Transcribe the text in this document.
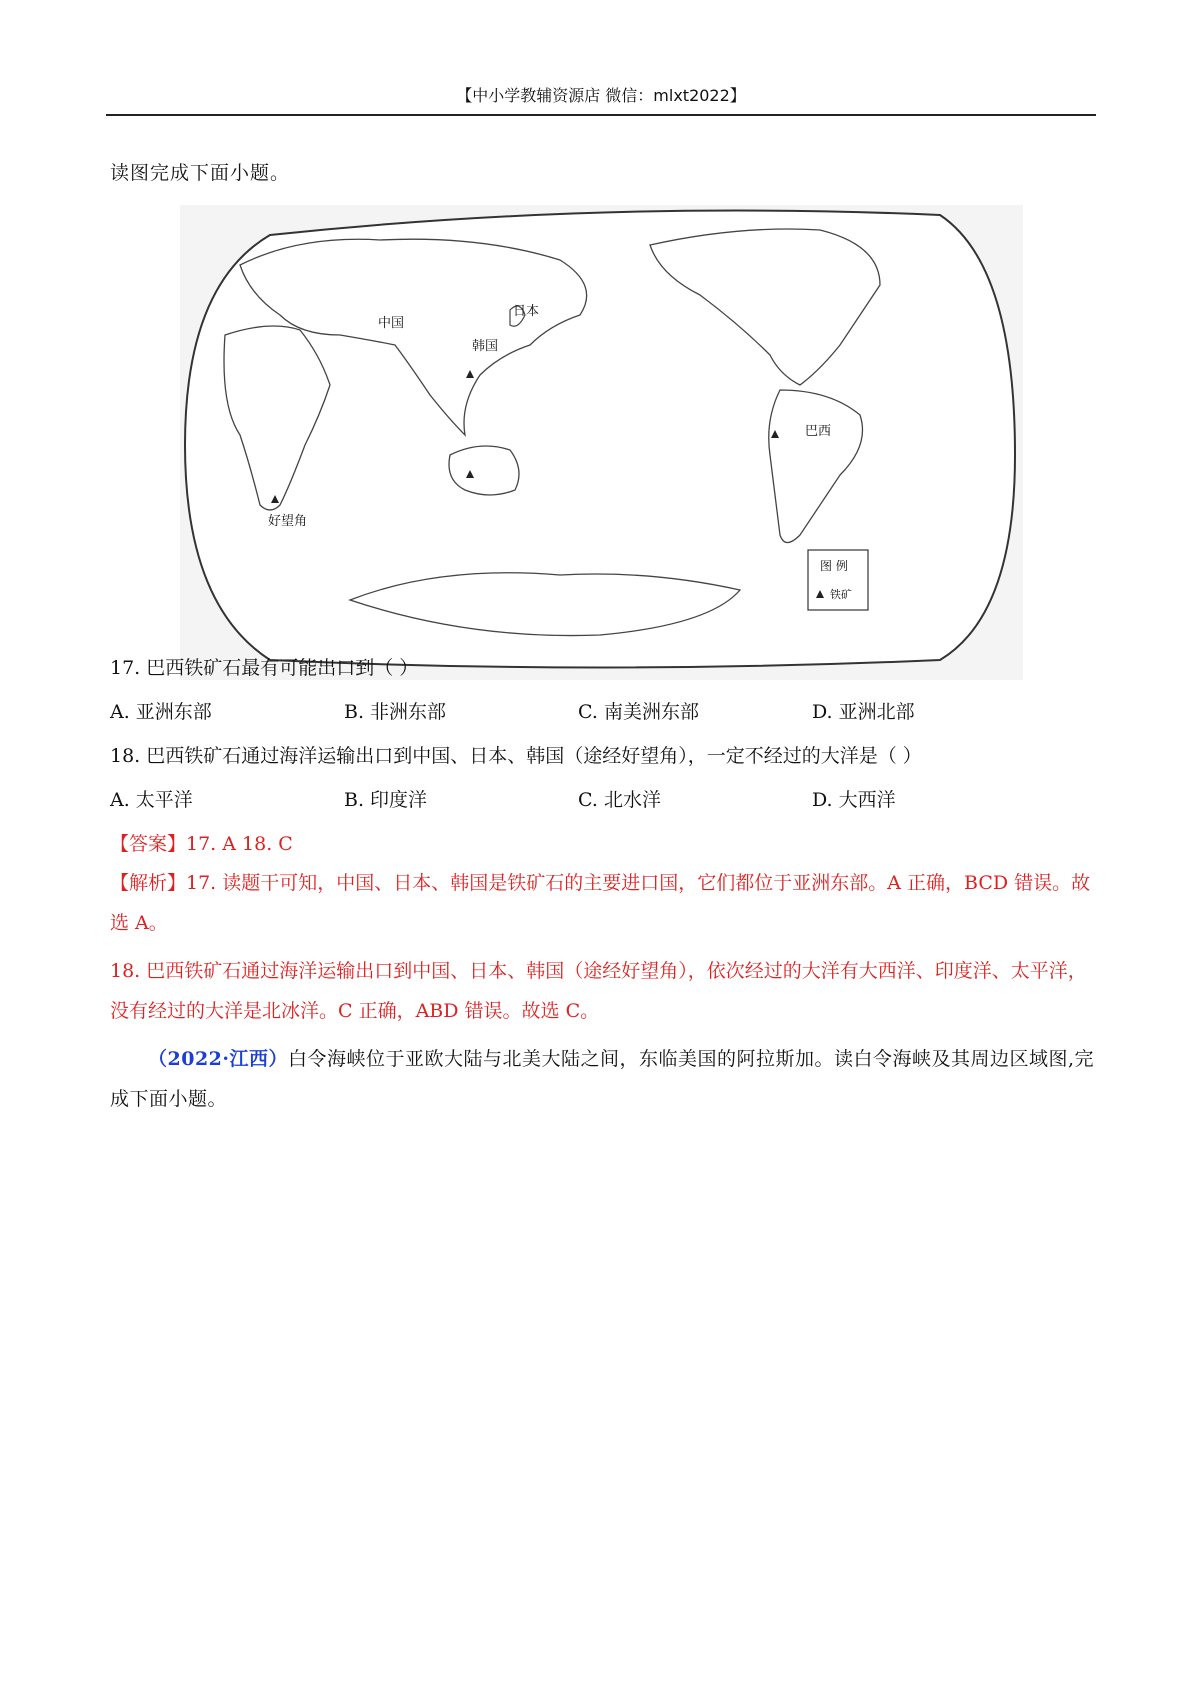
【中小学教辅资源店 微信：mlxt2022】
读图完成下面小题。
中国
日本
韩国
巴西
好望角
图 例
铁矿
17. 巴西铁矿石最有可能出口到（ ）
A. 亚洲东部	B. 非洲东部	C. 南美洲东部	D. 亚洲北部
18. 巴西铁矿石通过海洋运输出口到中国、日本、韩国（途经好望角），一定不经过的大洋是（ ）
A. 太平洋	B. 印度洋	C. 北水洋	D. 大西洋
【答案】17. A 18. C
【解析】17. 读题干可知，中国、日本、韩国是铁矿石的主要进口国，它们都位于亚洲东部。A 正确，BCD 错误。故选 A。
18. 巴西铁矿石通过海洋运输出口到中国、日本、韩国（途经好望角），依次经过的大洋有大西洋、印度洋、太平洋，没有经过的大洋是北冰洋。C 正确，ABD 错误。故选 C。
（2022·江西）白令海峡位于亚欧大陆与北美大陆之间，东临美国的阿拉斯加。读白令海峡及其周边区域图,完成下面小题。
